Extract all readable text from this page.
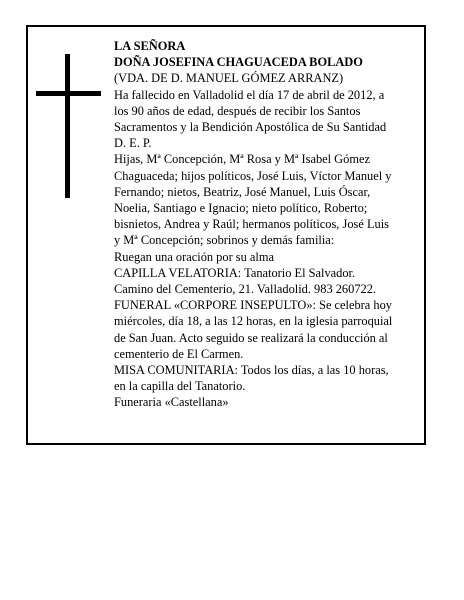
LA SEÑORA
DOÑA JOSEFINA CHAGUACEDA BOLADO
(VDA. DE D. MANUEL GÓMEZ ARRANZ)
Ha fallecido en Valladolid el día 17 de abril de 2012, a
los 90 años de edad, después de recibir los Santos
Sacramentos y la Bendición Apostólica de Su Santidad
D. E. P.
Hijas, Mª Concepción, Mª Rosa y Mª Isabel Gómez
Chaguaceda; hijos políticos, José Luis, Víctor Manuel y
Fernando; nietos, Beatriz, José Manuel, Luis Óscar,
Noelia, Santiago e Ignacio; nieto político, Roberto;
bisnietos, Andrea y Raúl; hermanos políticos, José Luis
y Mª Concepción; sobrinos y demás familia:
Ruegan una oración por su alma
CAPILLA VELATORIA: Tanatorio El Salvador.
Camino del Cementerio, 21. Valladolid. 983 260722.
FUNERAL «CORPORE INSEPULTO»: Se celebra hoy
miércoles, día 18, a las 12 horas, en la iglesia parroquial
de San Juan. Acto seguido se realizará la conducción al
cementerio de El Carmen.
MISA COMUNITARIA: Todos los días, a las 10 horas,
en la capilla del Tanatorio.
Funeraria «Castellana»
